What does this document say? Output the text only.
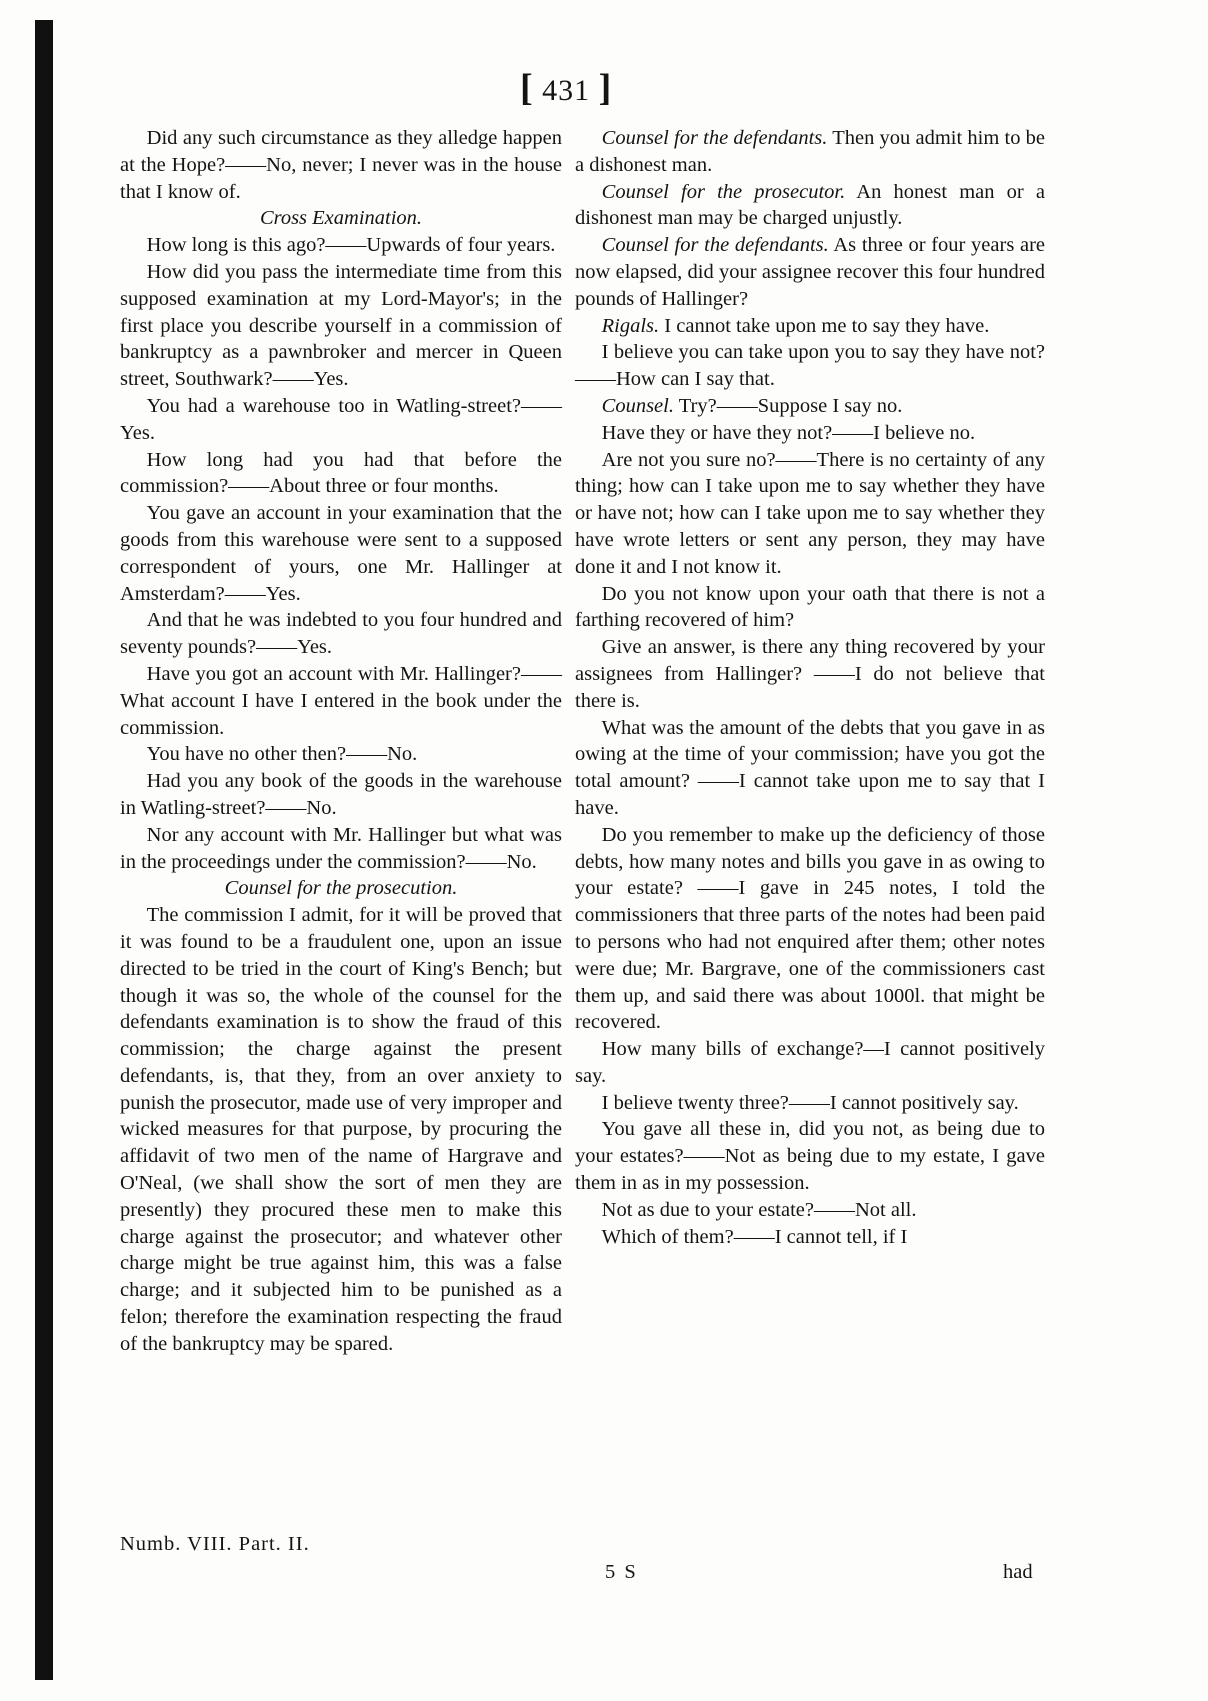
[ 431 ]

Did any such circumstance as they alledge happen at the Hope?——No, never; I never was in the house that I know of.

Cross Examination.

How long is this ago?——Upwards of four years.

How did you pass the intermediate time from this supposed examination at my Lord-Mayor's; in the first place you describe yourself in a commission of bankruptcy as a pawnbroker and mercer in Queen street, Southwark?——Yes.

You had a warehouse too in Watling-street?——Yes.

How long had you had that before the commission?——About three or four months.

You gave an account in your examination that the goods from this warehouse were sent to a supposed correspondent of yours, one Mr. Hallinger at Amsterdam?——Yes.

And that he was indebted to you four hundred and seventy pounds?——Yes.

Have you got an account with Mr. Hallinger?——What account I have I entered in the book under the commission.

You have no other then?——No.

Had you any book of the goods in the warehouse in Watling-street?——No.

Nor any account with Mr. Hallinger but what was in the proceedings under the commission?——No.

Counsel for the prosecution.

The commission I admit, for it will be proved that it was found to be a fraudulent one, upon an issue directed to be tried in the court of King's Bench; but though it was so, the whole of the counsel for the defendants examination is to show the fraud of this commission; the charge against the present defendants, is, that they, from an over anxiety to punish the prosecutor, made use of very improper and wicked measures for that purpose, by procuring the affidavit of two men of the name of Hargrave and O'Neal, (we shall show the sort of men they are presently) they procured these men to make this charge against the prosecutor; and whatever other charge might be true against him, this was a false charge; and it subjected him to be punished as a felon; therefore the examination respecting the fraud of the bankruptcy may be spared.

Counsel for the defendants. Then you admit him to be a dishonest man.

Counsel for the prosecutor. An honest man or a dishonest man may be charged unjustly.

Counsel for the defendants. As three or four years are now elapsed, did your assignee recover this four hundred pounds of Hallinger?

Rigals. I cannot take upon me to say they have.

I believe you can take upon you to say they have not?——How can I say that.

Counsel. Try?——Suppose I say no.

Have they or have they not?——I believe no.

Are not you sure no?——There is no certainty of any thing; how can I take upon me to say whether they have or have not; how can I take upon me to say whether they have wrote letters or sent any person, they may have done it and I not know it.

Do you not know upon your oath that there is not a farthing recovered of him?

Give an answer, is there any thing recovered by your assignees from Hallinger? ——I do not believe that there is.

What was the amount of the debts that you gave in as owing at the time of your commission; have you got the total amount? ——I cannot take upon me to say that I have.

Do you remember to make up the deficiency of those debts, how many notes and bills you gave in as owing to your estate? ——I gave in 245 notes, I told the commissioners that three parts of the notes had been paid to persons who had not enquired after them; other notes were due; Mr. Bargrave, one of the commissioners cast them up, and said there was about 1000l. that might be recovered.

How many bills of exchange?—I cannot positively say.

I believe twenty three?——I cannot positively say.

You gave all these in, did you not, as being due to your estates?——Not as being due to my estate, I gave them in as in my possession.

Not as due to your estate?——Not all.

Which of them?——I cannot tell, if I

Numb. VIII. Part. II.
5 S	had
